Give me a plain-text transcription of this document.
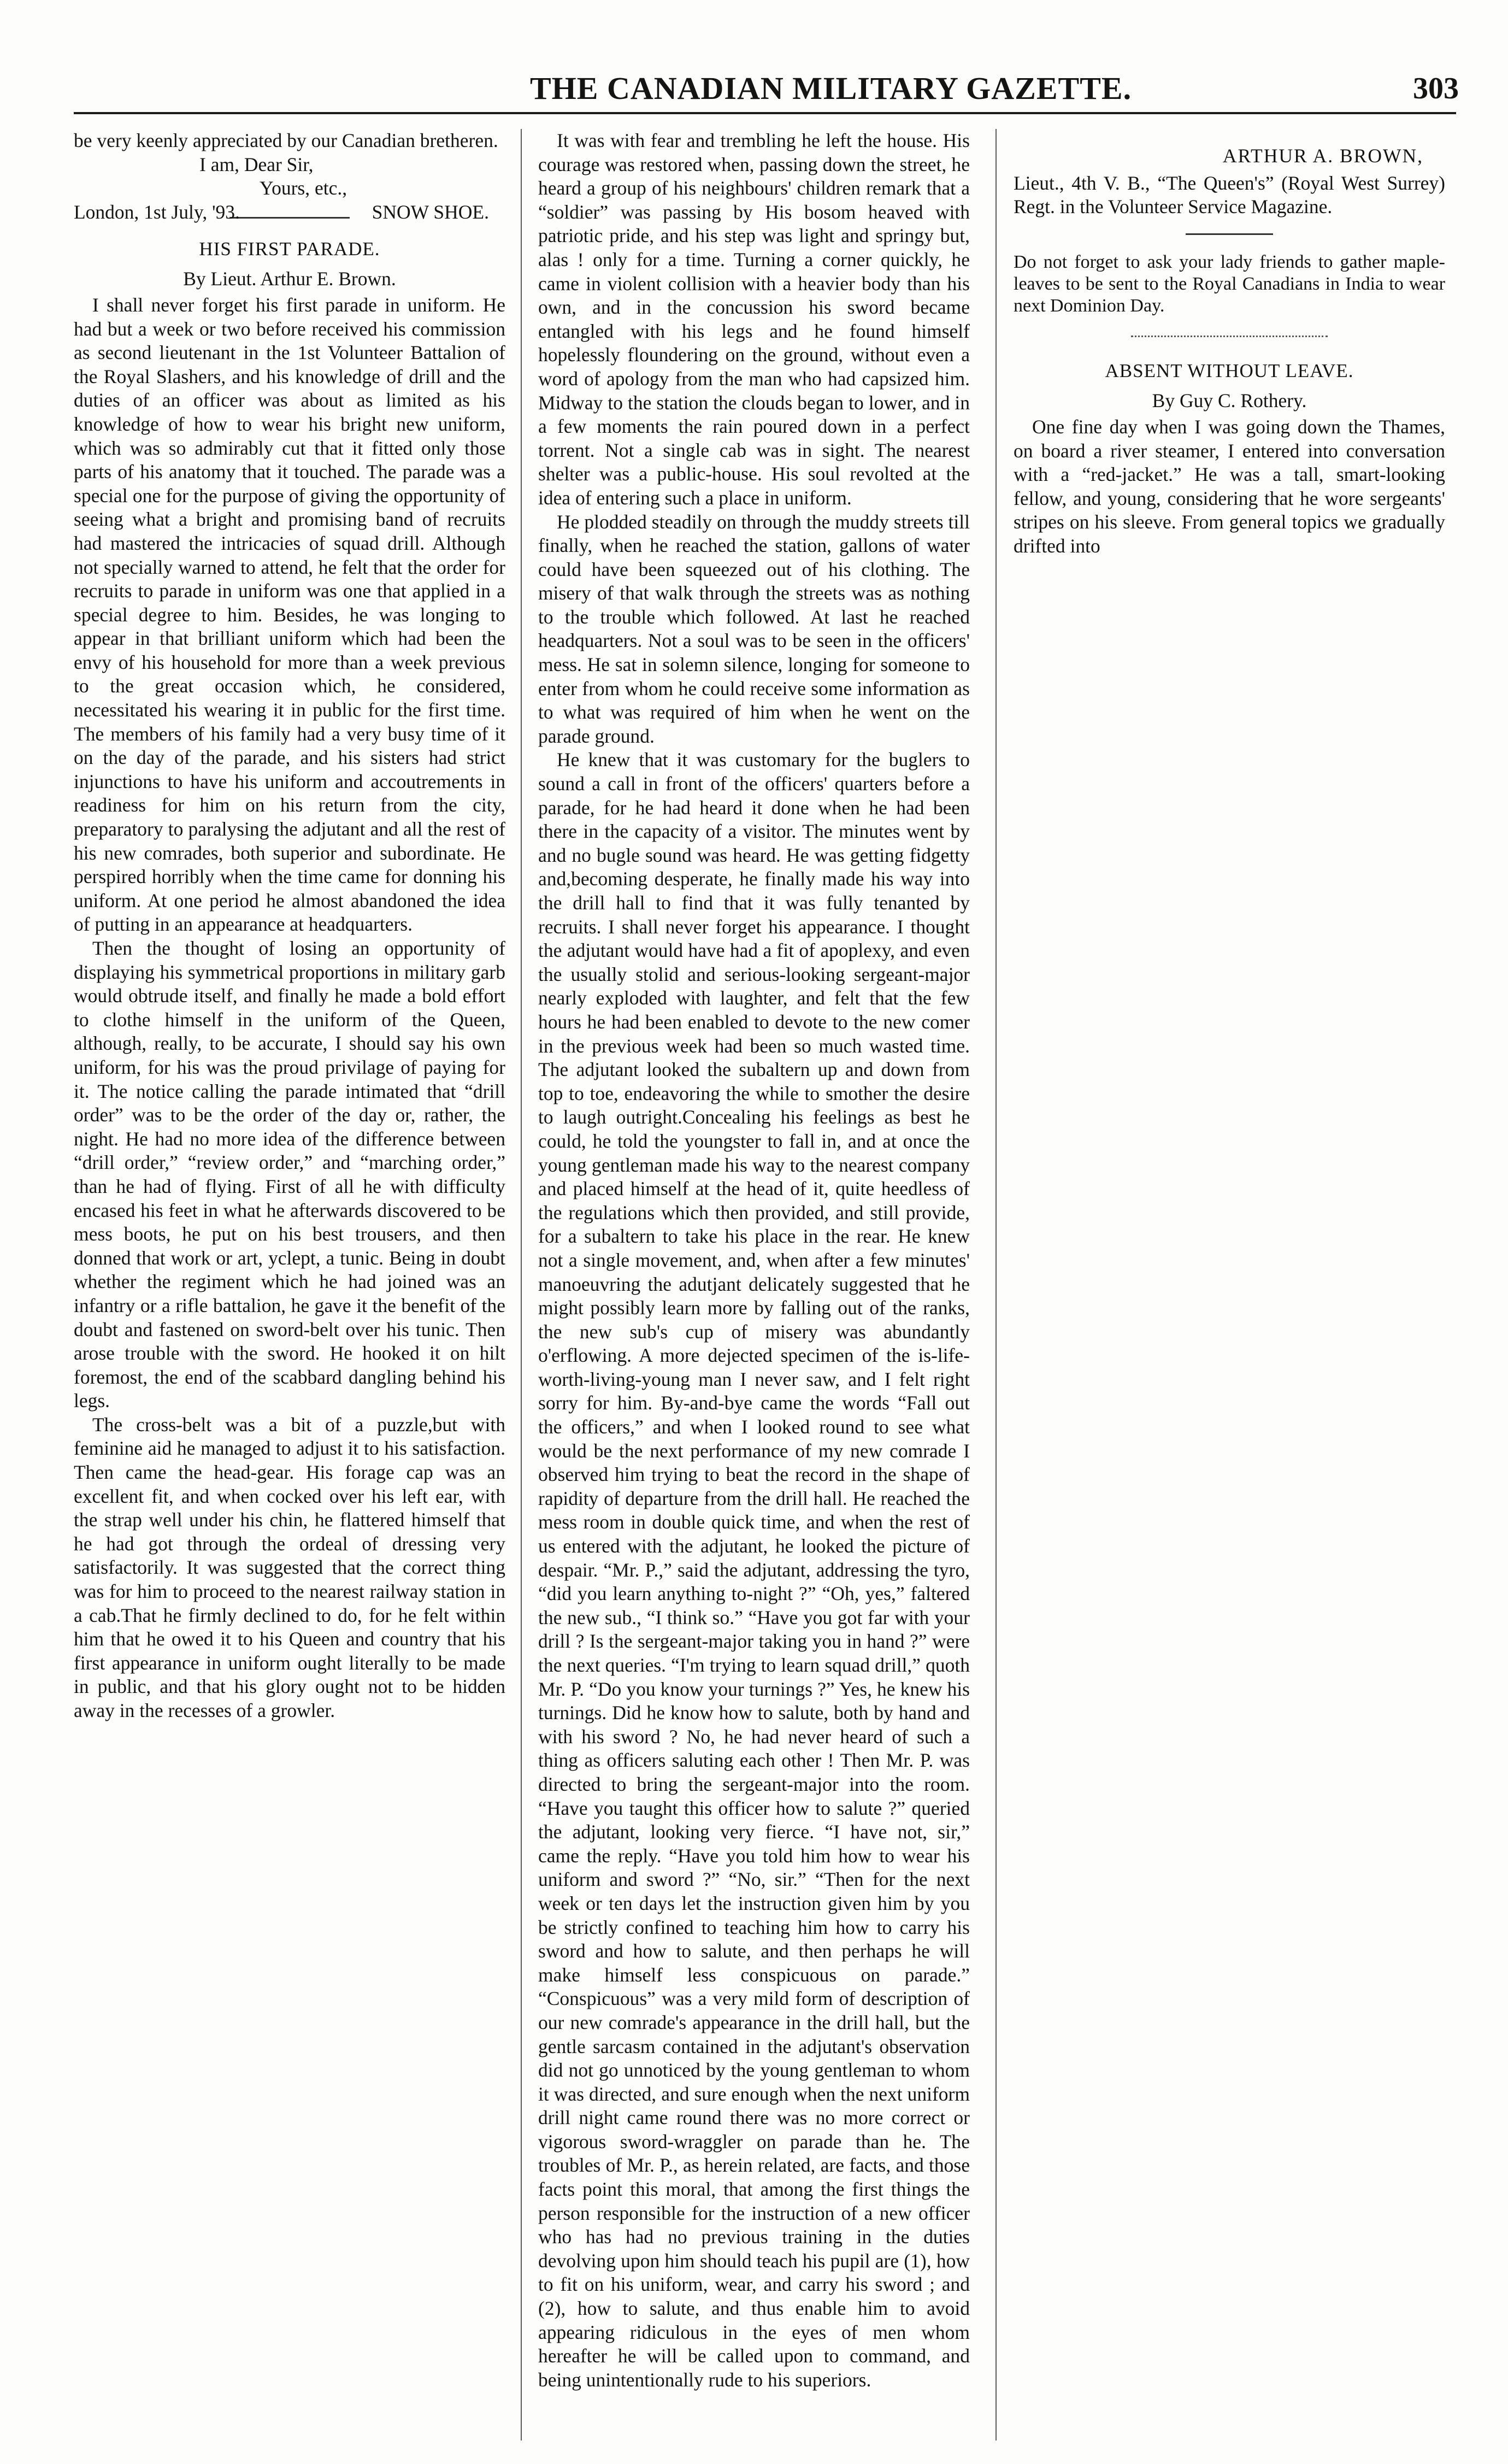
THE CANADIAN MILITARY GAZETTE.	303

be very keenly appreciated by our Canadian bretheren.

I am, Dear Sir,
Yours, etc.,
London, 1st July, '93.	SNOW SHOE.

HIS FIRST PARADE.

By Lieut. Arthur E. Brown.

I shall never forget his first parade in uniform. He had but a week or two before received his commission as second lieutenant in the 1st Volunteer Battalion of the Royal Slashers, and his knowledge of drill and the duties of an officer was about as limited as his knowledge of how to wear his bright new uniform, which was so admirably cut that it fitted only those parts of his anatomy that it touched. The parade was a special one for the purpose of giving the opportunity of seeing what a bright and promising band of recruits had mastered the intricacies of squad drill. Although not specially warned to attend, he felt that the order for recruits to parade in uniform was one that applied in a special degree to him. Besides, he was longing to appear in that brilliant uniform which had been the envy of his household for more than a week previous to the great occasion which, he considered, necessitated his wearing it in public for the first time. The members of his family had a very busy time of it on the day of the parade, and his sisters had strict injunctions to have his uniform and accoutrements in readiness for him on his return from the city, preparatory to paralysing the adjutant and all the rest of his new comrades, both superior and subordinate. He perspired horribly when the time came for donning his uniform. At one period he almost abandoned the idea of putting in an appearance at headquarters.

Then the thought of losing an opportunity of displaying his symmetrical proportions in military garb would obtrude itself, and finally he made a bold effort to clothe himself in the uniform of the Queen, although, really, to be accurate, I should say his own uniform, for his was the proud privilage of paying for it. The notice calling the parade intimated that “drill order” was to be the order of the day or, rather, the night. He had no more idea of the difference between “drill order,” “review order,” and “marching order,” than he had of flying. First of all he with difficulty encased his feet in what he afterwards discovered to be mess boots, he put on his best trousers, and then donned that work or art, yclept, a tunic. Being in doubt whether the regiment which he had joined was an infantry or a rifle battalion, he gave it the benefit of the doubt and fastened on sword-belt over his tunic. Then arose trouble with the sword. He hooked it on hilt foremost, the end of the scabbard dangling behind his legs.

The cross-belt was a bit of a puzzle,but with feminine aid he managed to adjust it to his satisfaction. Then came the head-gear. His forage cap was an excellent fit, and when cocked over his left ear, with the strap well under his chin, he flattered himself that he had got through the ordeal of dressing very satisfactorily. It was suggested that the correct thing was for him to proceed to the nearest railway station in a cab.That he firmly declined to do, for he felt within him that he owed it to his Queen and country that his first appearance in uniform ought literally to be made in public, and that his glory ought not to be hidden away in the recesses of a growler.

It was with fear and trembling he left the house. His courage was restored when, passing down the street, he heard a group of his neighbours' children remark that a “soldier” was passing by His bosom heaved with patriotic pride, and his step was light and springy but, alas ! only for a time. Turning a corner quickly, he came in violent collision with a heavier body than his own, and in the concussion his sword became entangled with his legs and he found himself hopelessly floundering on the ground, without even a word of apology from the man who had capsized him. Midway to the station the clouds began to lower, and in a few moments the rain poured down in a perfect torrent. Not a single cab was in sight. The nearest shelter was a public-house. His soul revolted at the idea of entering such a place in uniform.

He plodded steadily on through the muddy streets till finally, when he reached the station, gallons of water could have been squeezed out of his clothing. The misery of that walk through the streets was as nothing to the trouble which followed. At last he reached headquarters. Not a soul was to be seen in the officers' mess. He sat in solemn silence, longing for someone to enter from whom he could receive some information as to what was required of him when he went on the parade ground.

He knew that it was customary for the buglers to sound a call in front of the officers' quarters before a parade, for he had heard it done when he had been there in the capacity of a visitor. The minutes went by and no bugle sound was heard. He was getting fidgetty and,becoming desperate, he finally made his way into the drill hall to find that it was fully tenanted by recruits. I shall never forget his appearance. I thought the adjutant would have had a fit of apoplexy, and even the usually stolid and serious-looking sergeant-major nearly exploded with laughter, and felt that the few hours he had been enabled to devote to the new comer in the previous week had been so much wasted time. The adjutant looked the subaltern up and down from top to toe, endeavoring the while to smother the desire to laugh outright.Concealing his feelings as best he could, he told the youngster to fall in, and at once the young gentleman made his way to the nearest company and placed himself at the head of it, quite heedless of the regulations which then provided, and still provide, for a subaltern to take his place in the rear. He knew not a single movement, and, when after a few minutes' manoeuvring the adutjant delicately suggested that he might possibly learn more by falling out of the ranks, the new sub's cup of misery was abundantly o'erflowing. A more dejected specimen of the is-life-worth-living-young man I never saw, and I felt right sorry for him. By-and-bye came the words “Fall out the officers,” and when I looked round to see what would be the next performance of my new comrade I observed him trying to beat the record in the shape of rapidity of departure from the drill hall. He reached the mess room in double quick time, and when the rest of us entered with the adjutant, he looked the picture of despair. “Mr. P.,” said the adjutant, addressing the tyro, “did you learn anything to-night ?” “Oh, yes,” faltered the new sub., “I think so.” “Have you got far with your drill ? Is the sergeant-major taking you in hand ?” were the next queries. “I'm trying to learn squad drill,” quoth Mr. P. “Do you know your turnings ?” Yes, he knew his turnings. Did he know how to salute, both by hand and with his sword ? No, he had never heard of such a thing as officers saluting each other ! Then Mr. P. was directed to bring the sergeant-major into the room. “Have you taught this officer how to salute ?” queried the adjutant, looking very fierce. “I have not, sir,” came the reply. “Have you told him how to wear his uniform and sword ?” “No, sir.” “Then for the next week or ten days let the instruction given him by you be strictly confined to teaching him how to carry his sword and how to salute, and then perhaps he will make himself less conspicuous on parade.” “Conspicuous” was a very mild form of description of our new comrade's appearance in the drill hall, but the gentle sarcasm contained in the adjutant's observation did not go unnoticed by the young gentleman to whom it was directed, and sure enough when the next uniform drill night came round there was no more correct or vigorous sword-wraggler on parade than he. The troubles of Mr. P., as herein related, are facts, and those facts point this moral, that among the first things the person responsible for the instruction of a new officer who has had no previous training in the duties devolving upon him should teach his pupil are (1), how to fit on his uniform, wear, and carry his sword ; and (2), how to salute, and thus enable him to avoid appearing ridiculous in the eyes of men whom hereafter he will be called upon to command, and being unintentionally rude to his superiors.

ARTHUR A. BROWN,

Lieut., 4th V. B., “The Queen's” (Royal West Surrey) Regt. in the Volunteer Service Magazine.

Do not forget to ask your lady friends to gather maple-leaves to be sent to the Royal Canadians in India to wear next Dominion Day.

ABSENT WITHOUT LEAVE.

By Guy C. Rothery.

One fine day when I was going down the Thames, on board a river steamer, I entered into conversation with a “red-jacket.” He was a tall, smart-looking fellow, and young, considering that he wore sergeants' stripes on his sleeve. From general topics we gradually drifted into
